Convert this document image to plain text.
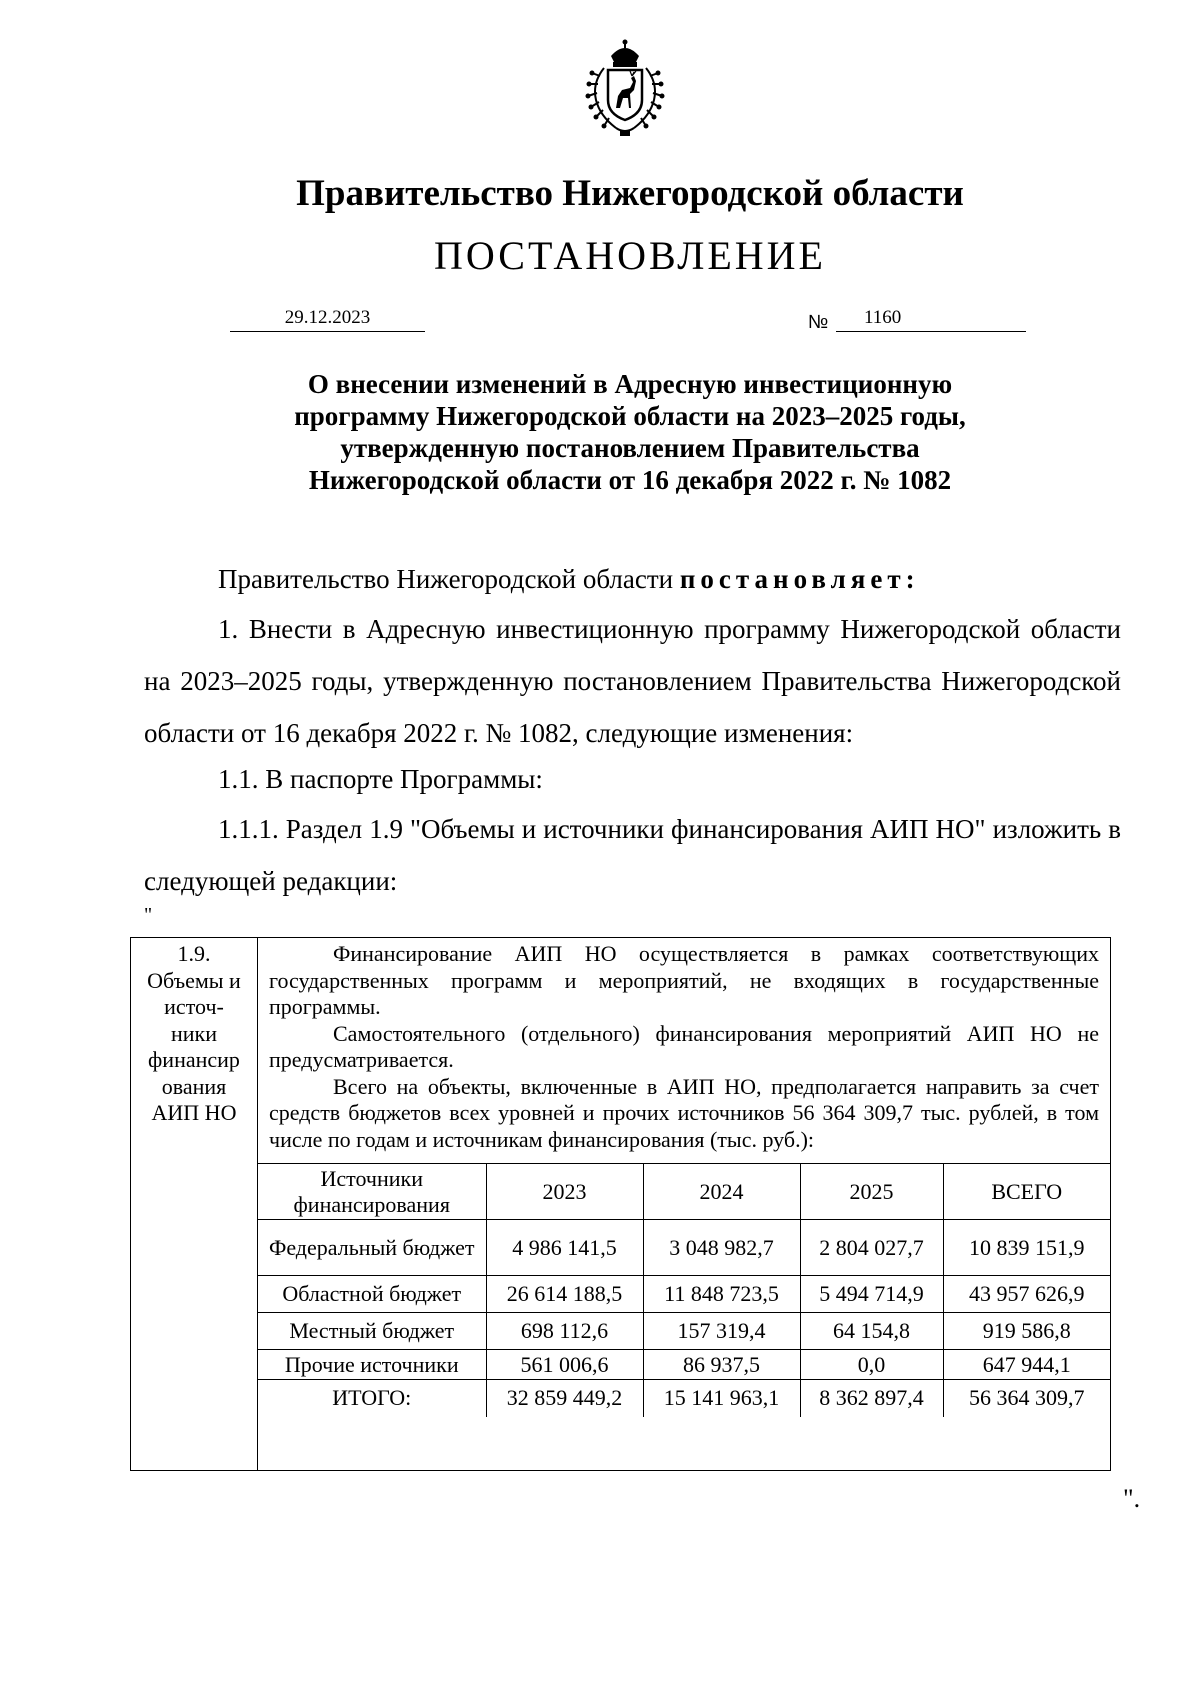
Правительство Нижегородской области
ПОСТАНОВЛЕНИЕ
29.12.2023	№	1160
О внесении изменений в Адресную инвестиционную
программу Нижегородской области на 2023–2025 годы,
утвержденную постановлением Правительства
Нижегородской области от 16 декабря 2022 г. № 1082

Правительство Нижегородской области постановляет:

1. Внести в Адресную инвестиционную программу Нижегородской области на 2023–2025 годы, утвержденную постановлением Правительства Нижегородской области от 16 декабря 2022 г. № 1082, следующие изменения:

1.1. В паспорте Программы:

1.1.1. Раздел 1.9 "Объемы и источники финансирования АИП НО" изложить в следующей редакции:

"
1.9.
Объемы и
источ-
ники
финансир
ования
АИП НО

Финансирование АИП НО осуществляется в рамках соответствующих государственных программ и мероприятий, не входящих в государственные программы.

Самостоятельного (отдельного) финансирования мероприятий АИП НО не предусматривается.

Всего на объекты, включенные в АИП НО, предполагается направить за счет средств бюджетов всех уровней и прочих источников 56 364 309,7 тыс. рублей, в том числе по годам и источникам финансирования (тыс. руб.):

Источники финансирования	2023	2024	2025	ВСЕГО
Федеральный бюджет	4 986 141,5	3 048 982,7	2 804 027,7	10 839 151,9
Областной бюджет	26 614 188,5	11 848 723,5	5 494 714,9	43 957 626,9
Местный бюджет	698 112,6	157 319,4	64 154,8	919 586,8
Прочие источники	561 006,6	86 937,5	0,0	647 944,1
ИТОГО:	32 859 449,2	15 141 963,1	8 362 897,4	56 364 309,7
".
